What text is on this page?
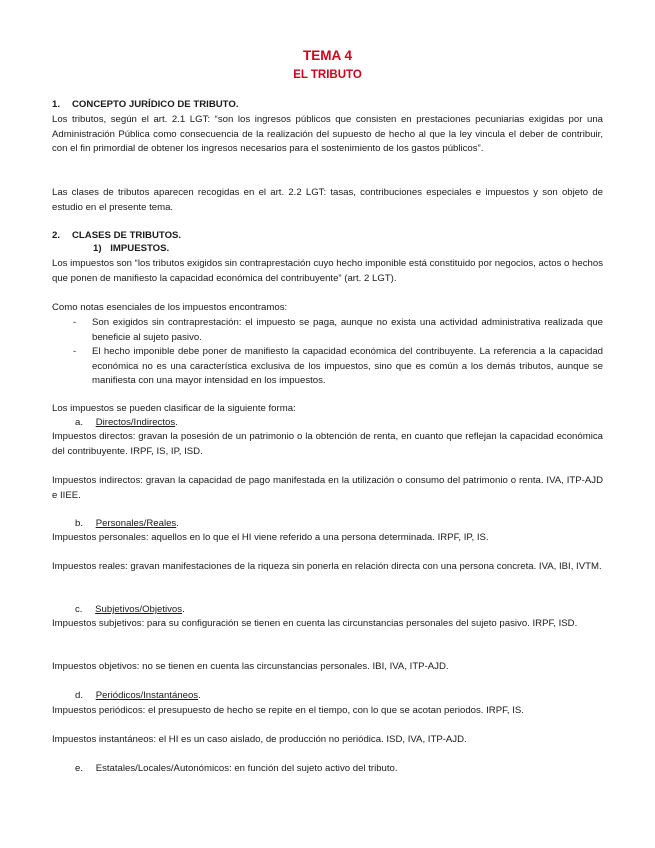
TEMA 4
EL TRIBUTO
1. CONCEPTO JURÍDICO DE TRIBUTO.
Los tributos, según el art. 2.1 LGT: “son los ingresos públicos que consisten en prestaciones pecuniarias exigidas por una Administración Pública como consecuencia de la realización del supuesto de hecho al que la ley vincula el deber de contribuir, con el fin primordial de obtener los ingresos necesarios para el sostenimiento de los gastos públicos”.
Las clases de tributos aparecen recogidas en el art. 2.2 LGT: tasas, contribuciones especiales e impuestos y son objeto de estudio en el presente tema.
2. CLASES DE TRIBUTOS.
1) IMPUESTOS.
Los impuestos son “los tributos exigidos sin contraprestación cuyo hecho imponible está constituido por negocios, actos o hechos que ponen de manifiesto la capacidad económica del contribuyente” (art. 2 LGT).
Como notas esenciales de los impuestos encontramos:
- Son exigidos sin contraprestación: el impuesto se paga, aunque no exista una actividad administrativa realizada que beneficie al sujeto pasivo.
- El hecho imponible debe poner de manifiesto la capacidad económica del contribuyente. La referencia a la capacidad económica no es una característica exclusiva de los impuestos, sino que es común a los demás tributos, aunque se manifiesta con una mayor intensidad en los impuestos.
Los impuestos se pueden clasificar de la siguiente forma:
a. Directos/Indirectos.
Impuestos directos: gravan la posesión de un patrimonio o la obtención de renta, en cuanto que reflejan la capacidad económica del contribuyente. IRPF, IS, IP, ISD.
Impuestos indirectos: gravan la capacidad de pago manifestada en la utilización o consumo del patrimonio o renta. IVA, ITP-AJD e IIEE.
b. Personales/Reales.
Impuestos personales: aquellos en lo que el HI viene referido a una persona determinada. IRPF, IP, IS.
Impuestos reales: gravan manifestaciones de la riqueza sin ponerla en relación directa con una persona concreta. IVA, IBI, IVTM.
c. Subjetivos/Objetivos.
Impuestos subjetivos: para su configuración se tienen en cuenta las circunstancias personales del sujeto pasivo. IRPF, ISD.
Impuestos objetivos: no se tienen en cuenta las circunstancias personales. IBI, IVA, ITP-AJD.
d. Periódicos/Instantáneos.
Impuestos periódicos: el presupuesto de hecho se repite en el tiempo, con lo que se acotan periodos. IRPF, IS.
Impuestos instantáneos: el HI es un caso aislado, de producción no periódica. ISD, IVA, ITP-AJD.
e. Estatales/Locales/Autonómicos: en función del sujeto activo del tributo.
